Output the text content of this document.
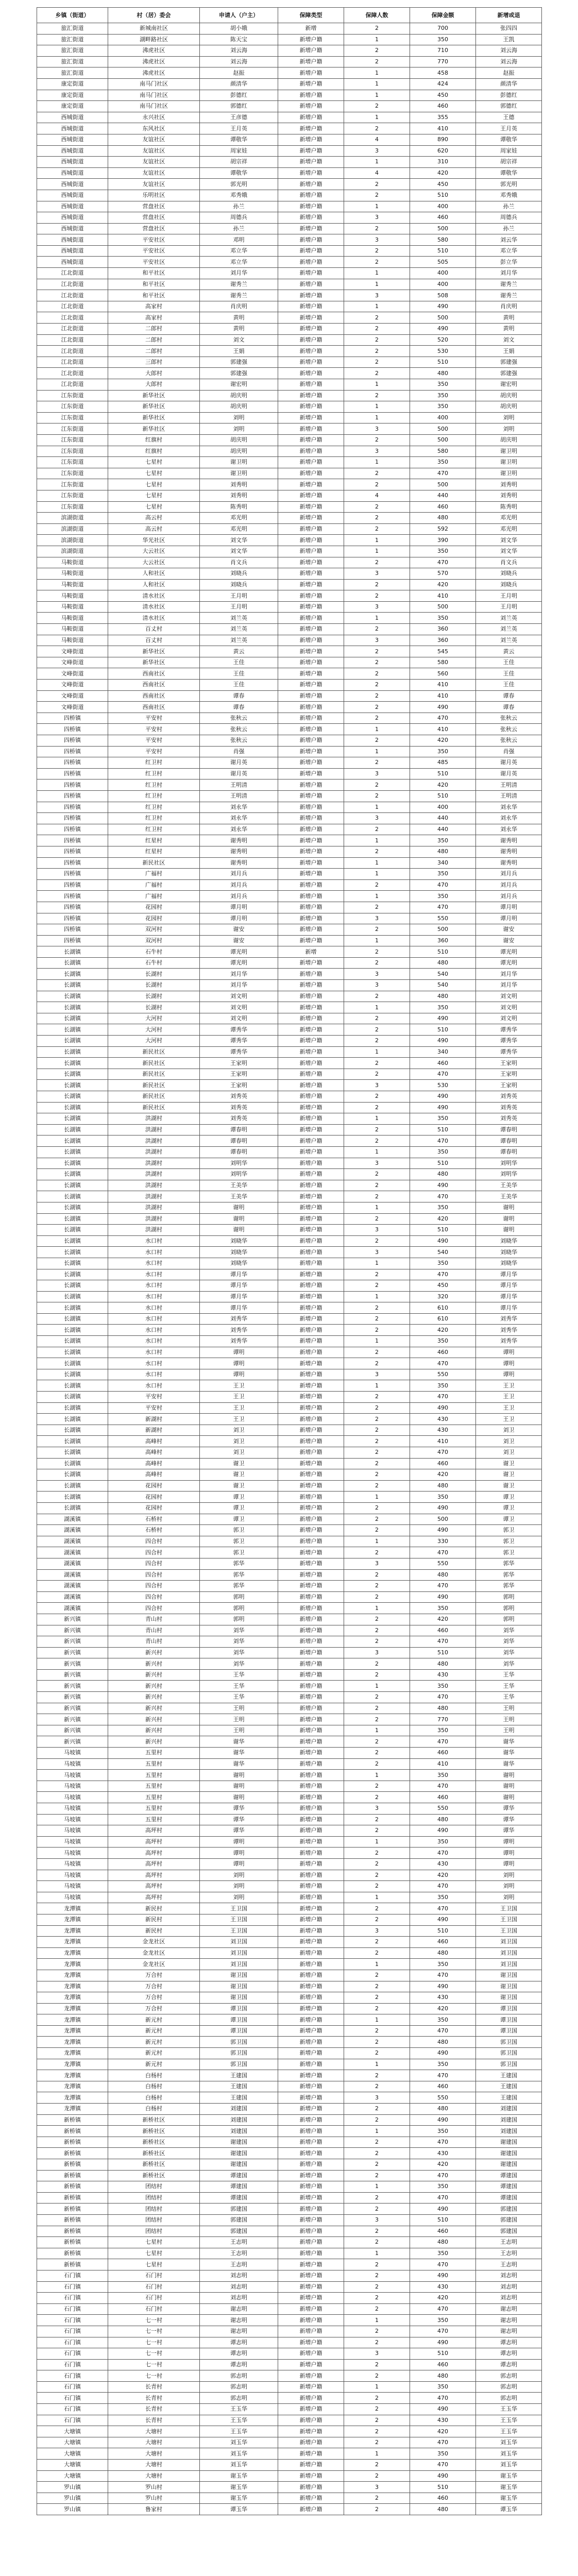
乡镇（街道）	村（居）委会	申请人（户主）	保障类型	保障人数	保障金额	新增或退
旅汇街道	新城南社区	胡小娥	新增	2	700	张四四
旅汇街道	湖畔路社区	陈天宝	新增户籍	1	350	王凯
旅汇街道	沸虎社区	刘云海	新增户籍	2	710	刘云海
旅汇街道	沸虎社区	刘云海	新增户籍	2	770	刘云海
旅汇街道	沸虎社区	赵振	新增户籍	1	458	赵振
康定街道	南马门社区	颜清华	新增户籍	1	424	颜清华
康定街道	南马门社区	彭德红	新增户籍	1	450	彭德红
康定街道	南马门社区	郭德红	新增户籍	2	460	郭德红
西城街道	永兴社区	王彦德	新增户籍	1	355	王德
西城街道	东风社区	王月英	新增户籍	2	410	王月英
西城街道	友谊社区	谭敬华	新增户籍	4	890	谭敬华
西城街道	友谊社区	周家娃	新增户籍	3	620	周家娃
西城街道	友谊社区	胡宗祥	新增户籍	1	310	胡宗祥
西城街道	友谊社区	谭敬华	新增户籍	4	420	谭敬华
西城街道	友谊社区	郭光明	新增户籍	2	450	郭光明
西城街道	乐明社区	邓秀娥	新增户籍	2	510	邓秀娥
西城街道	营盘社区	孙兰	新增户籍	1	400	孙兰
西城街道	营盘社区	周德兵	新增户籍	3	460	周德兵
西城街道	营盘社区	孙兰	新增户籍	2	500	孙兰
西城街道	平安社区	邓明	新增户籍	3	580	刘云华
西城街道	平安社区	邓立华	新增户籍	2	510	邓立华
西城街道	平安社区	邓立华	新增户籍	2	505	彭立华
江北街道	和平社区	刘月华	新增户籍	1	400	刘月华
江北街道	和平社区	谢秀兰	新增户籍	1	400	谢秀兰
江北街道	和平社区	谢秀兰	新增户籍	3	508	谢秀兰
江北街道	高家村	肖庆明	新增户籍	1	490	肖庆明
江北街道	高家村	黄明	新增户籍	2	500	黄明
江北街道	二郎村	黄明	新增户籍	2	490	黄明
江北街道	二郎村	刘文	新增户籍	2	520	刘文
江北街道	二郎村	王娟	新增户籍	2	530	王娟
江北街道	三郎村	郭建强	新增户籍	2	510	郭建强
江北街道	大郎村	郭建强	新增户籍	2	480	郭建强
江北街道	大郎村	谢宏明	新增户籍	1	350	谢宏明
江东街道	新华社区	胡庆明	新增户籍	2	350	胡庆明
江东街道	新华社区	胡庆明	新增户籍	1	350	胡庆明
江东街道	新华社区	刘明	新增户籍	1	400	刘明
江东街道	新华社区	刘明	新增户籍	3	500	刘明
江东街道	红旗村	胡庆明	新增户籍	2	500	胡庆明
江东街道	红旗村	胡庆明	新增户籍	3	580	谢卫明
江东街道	七星村	谢卫明	新增户籍	1	350	谢卫明
江东街道	七星村	谢卫明	新增户籍	2	470	谢卫明
江东街道	七星村	刘秀明	新增户籍	2	500	刘秀明
江东街道	七星村	刘秀明	新增户籍	4	440	刘秀明
江东街道	七星村	陈秀明	新增户籍	2	460	陈秀明
滨湖街道	高云村	邓光明	新增户籍	2	480	邓光明
滨湖街道	高云村	邓光明	新增户籍	2	592	邓光明
滨湖街道	华光社区	刘文华	新增户籍	1	390	刘文华
滨湖街道	大云社区	刘文华	新增户籍	1	350	刘文华
马鞍街道	大云社区	肖文兵	新增户籍	2	470	肖文兵
马鞍街道	人和社区	刘晓兵	新增户籍	3	570	刘晓兵
马鞍街道	人和社区	刘晓兵	新增户籍	2	420	刘晓兵
马鞍街道	清水社区	王月明	新增户籍	2	410	王月明
马鞍街道	清水社区	王月明	新增户籍	3	500	王月明
马鞍街道	清水社区	刘兰英	新增户籍	1	350	刘兰英
马鞍街道	百丈村	刘兰英	新增户籍	2	360	刘兰英
马鞍街道	百丈村	刘兰英	新增户籍	3	360	刘兰英
文峰街道	新华社区	黄云	新增户籍	2	545	黄云
文峰街道	新华社区	王佳	新增户籍	2	580	王佳
文峰街道	西南社区	王佳	新增户籍	2	560	王佳
文峰街道	西南社区	王佳	新增户籍	2	410	王佳
文峰街道	西南社区	谭春	新增户籍	2	410	谭春
文峰街道	西南社区	谭春	新增户籍	2	490	谭春
四桥镇	平安村	张秋云	新增户籍	2	470	张秋云
四桥镇	平安村	张秋云	新增户籍	1	410	张秋云
四桥镇	平安村	张秋云	新增户籍	2	420	张秋云
四桥镇	平安村	肖强	新增户籍	1	350	肖强
四桥镇	红卫村	谢月英	新增户籍	2	485	谢月英
四桥镇	红卫村	谢月英	新增户籍	3	510	谢月英
四桥镇	红卫村	王明清	新增户籍	2	420	王明清
四桥镇	红卫村	王明清	新增户籍	2	510	王明清
四桥镇	红卫村	刘永华	新增户籍	1	400	刘永华
四桥镇	红卫村	刘永华	新增户籍	3	440	刘永华
四桥镇	红卫村	刘永华	新增户籍	2	440	刘永华
四桥镇	红星村	谢秀明	新增户籍	1	350	谢秀明
四桥镇	红星村	谢秀明	新增户籍	2	480	谢秀明
四桥镇	新民社区	谢秀明	新增户籍	1	340	谢秀明
四桥镇	广福村	刘月兵	新增户籍	1	350	刘月兵
四桥镇	广福村	刘月兵	新增户籍	2	470	刘月兵
四桥镇	广福村	刘月兵	新增户籍	1	350	刘月兵
四桥镇	花园村	谭月明	新增户籍	2	470	谭月明
四桥镇	花园村	谭月明	新增户籍	3	550	谭月明
四桥镇	双河村	谢安	新增户籍	2	500	谢安
四桥镇	双河村	谢安	新增户籍	1	360	谢安
长湖镇	石牛村	谭光明	新增	2	510	谭光明
长湖镇	石牛村	谭光明	新增户籍	2	480	谭光明
长湖镇	长湖村	刘月华	新增户籍	3	540	刘月华
长湖镇	长湖村	刘月华	新增户籍	3	540	刘月华
长湖镇	长湖村	刘文明	新增户籍	2	480	刘文明
长湖镇	长湖村	刘文明	新增户籍	1	350	刘文明
长湖镇	大河村	刘文明	新增户籍	2	490	刘文明
长湖镇	大河村	谭秀华	新增户籍	2	510	谭秀华
长湖镇	大河村	谭秀华	新增户籍	2	490	谭秀华
长湖镇	新民社区	谭秀华	新增户籍	1	340	谭秀华
长湖镇	新民社区	王家明	新增户籍	2	460	王家明
长湖镇	新民社区	王家明	新增户籍	2	470	王家明
长湖镇	新民社区	王家明	新增户籍	3	530	王家明
长湖镇	新民社区	刘秀英	新增户籍	2	490	刘秀英
长湖镇	新民社区	刘秀英	新增户籍	2	490	刘秀英
长湖镇	洪湖村	刘秀英	新增户籍	1	350	刘秀英
长湖镇	洪湖村	谭春明	新增户籍	2	510	谭春明
长湖镇	洪湖村	谭春明	新增户籍	2	470	谭春明
长湖镇	洪湖村	谭春明	新增户籍	1	350	谭春明
长湖镇	洪湖村	刘明华	新增户籍	3	510	刘明华
长湖镇	洪湖村	刘明华	新增户籍	2	480	刘明华
长湖镇	洪湖村	王美华	新增户籍	2	490	王美华
长湖镇	洪湖村	王美华	新增户籍	2	470	王美华
长湖镇	洪湖村	谢明	新增户籍	1	350	谢明
长湖镇	洪湖村	谢明	新增户籍	2	420	谢明
长湖镇	洪湖村	谢明	新增户籍	3	510	谢明
长湖镇	水口村	刘晓华	新增户籍	2	490	刘晓华
长湖镇	水口村	刘晓华	新增户籍	3	540	刘晓华
长湖镇	水口村	刘晓华	新增户籍	1	350	刘晓华
长湖镇	水口村	谭月华	新增户籍	2	470	谭月华
长湖镇	水口村	谭月华	新增户籍	2	450	谭月华
长湖镇	水口村	谭月华	新增户籍	1	320	谭月华
长湖镇	水口村	谭月华	新增户籍	2	610	谭月华
长湖镇	水口村	刘秀华	新增户籍	2	610	刘秀华
长湖镇	水口村	刘秀华	新增户籍	2	420	刘秀华
长湖镇	水口村	刘秀华	新增户籍	1	350	刘秀华
长湖镇	水口村	谭明	新增户籍	2	460	谭明
长湖镇	水口村	谭明	新增户籍	2	470	谭明
长湖镇	水口村	谭明	新增户籍	3	550	谭明
长湖镇	水口村	王卫	新增户籍	1	350	王卫
长湖镇	平安村	王卫	新增户籍	2	470	王卫
长湖镇	平安村	王卫	新增户籍	2	490	王卫
长湖镇	新湖村	王卫	新增户籍	2	430	王卫
长湖镇	新湖村	刘卫	新增户籍	2	430	刘卫
长湖镇	高峰村	刘卫	新增户籍	2	410	刘卫
长湖镇	高峰村	刘卫	新增户籍	2	470	刘卫
长湖镇	高峰村	谢卫	新增户籍	2	460	谢卫
长湖镇	高峰村	谢卫	新增户籍	2	420	谢卫
长湖镇	花园村	谢卫	新增户籍	2	480	谢卫
长湖镇	花园村	谭卫	新增户籍	1	350	谭卫
长湖镇	花园村	谭卫	新增户籍	2	490	谭卫
湖溪镇	石桥村	谭卫	新增户籍	2	500	谭卫
湖溪镇	石桥村	郭卫	新增户籍	2	490	郭卫
湖溪镇	四合村	郭卫	新增户籍	1	330	郭卫
湖溪镇	四合村	郭卫	新增户籍	2	470	郭卫
湖溪镇	四合村	郭华	新增户籍	3	550	郭华
湖溪镇	四合村	郭华	新增户籍	2	480	郭华
湖溪镇	四合村	郭华	新增户籍	2	470	郭华
湖溪镇	四合村	郭明	新增户籍	2	490	郭明
湖溪镇	四合村	郭明	新增户籍	1	350	郭明
新兴镇	青山村	郭明	新增户籍	2	420	郭明
新兴镇	青山村	刘华	新增户籍	2	460	刘华
新兴镇	青山村	刘华	新增户籍	2	470	刘华
新兴镇	新兴村	刘华	新增户籍	3	510	刘华
新兴镇	新兴村	刘华	新增户籍	2	480	刘华
新兴镇	新兴村	王华	新增户籍	2	430	王华
新兴镇	新兴村	王华	新增户籍	1	350	王华
新兴镇	新兴村	王华	新增户籍	2	470	王华
新兴镇	新兴村	王明	新增户籍	2	480	王明
新兴镇	新兴村	王明	新增户籍	2	770	王明
新兴镇	新兴村	王明	新增户籍	1	350	王明
新兴镇	新兴村	谢华	新增户籍	2	470	谢华
马坡镇	五里村	谢华	新增户籍	2	460	谢华
马坡镇	五里村	谢华	新增户籍	2	410	谢华
马坡镇	五里村	谢明	新增户籍	1	350	谢明
马坡镇	五里村	谢明	新增户籍	2	470	谢明
马坡镇	五里村	谢明	新增户籍	2	460	谢明
马坡镇	五里村	谭华	新增户籍	3	550	谭华
马坡镇	五里村	谭华	新增户籍	2	480	谭华
马坡镇	高坪村	谭华	新增户籍	2	490	谭华
马坡镇	高坪村	谭明	新增户籍	1	350	谭明
马坡镇	高坪村	谭明	新增户籍	2	470	谭明
马坡镇	高坪村	谭明	新增户籍	2	430	谭明
马坡镇	高坪村	刘明	新增户籍	2	420	刘明
马坡镇	高坪村	刘明	新增户籍	2	470	刘明
马坡镇	高坪村	刘明	新增户籍	1	350	刘明
龙潭镇	新民村	王卫国	新增户籍	2	470	王卫国
龙潭镇	新民村	王卫国	新增户籍	2	490	王卫国
龙潭镇	新民村	王卫国	新增户籍	3	510	王卫国
龙潭镇	金龙社区	刘卫国	新增户籍	2	460	刘卫国
龙潭镇	金龙社区	刘卫国	新增户籍	2	480	刘卫国
龙潭镇	金龙社区	刘卫国	新增户籍	1	350	刘卫国
龙潭镇	万合村	谢卫国	新增户籍	2	470	谢卫国
龙潭镇	万合村	谢卫国	新增户籍	2	490	谢卫国
龙潭镇	万合村	谢卫国	新增户籍	2	430	谢卫国
龙潭镇	万合村	谭卫国	新增户籍	2	420	谭卫国
龙潭镇	新元村	谭卫国	新增户籍	1	350	谭卫国
龙潭镇	新元村	谭卫国	新增户籍	2	470	谭卫国
龙潭镇	新元村	郭卫国	新增户籍	2	480	郭卫国
龙潭镇	新元村	郭卫国	新增户籍	2	490	郭卫国
龙潭镇	新元村	郭卫国	新增户籍	1	350	郭卫国
龙潭镇	白杨村	王建国	新增户籍	2	470	王建国
龙潭镇	白杨村	王建国	新增户籍	2	460	王建国
龙潭镇	白杨村	王建国	新增户籍	3	550	王建国
龙潭镇	白杨村	刘建国	新增户籍	2	480	刘建国
新桥镇	新桥社区	刘建国	新增户籍	2	490	刘建国
新桥镇	新桥社区	刘建国	新增户籍	1	350	刘建国
新桥镇	新桥社区	谢建国	新增户籍	2	470	谢建国
新桥镇	新桥社区	谢建国	新增户籍	2	430	谢建国
新桥镇	新桥社区	谢建国	新增户籍	2	420	谢建国
新桥镇	新桥社区	谭建国	新增户籍	2	470	谭建国
新桥镇	团结村	谭建国	新增户籍	1	350	谭建国
新桥镇	团结村	谭建国	新增户籍	2	470	谭建国
新桥镇	团结村	郭建国	新增户籍	2	490	郭建国
新桥镇	团结村	郭建国	新增户籍	3	510	郭建国
新桥镇	团结村	郭建国	新增户籍	2	460	郭建国
新桥镇	七星村	王志明	新增户籍	2	480	王志明
新桥镇	七星村	王志明	新增户籍	1	350	王志明
新桥镇	七星村	王志明	新增户籍	2	470	王志明
石门镇	石门村	刘志明	新增户籍	2	490	刘志明
石门镇	石门村	刘志明	新增户籍	2	430	刘志明
石门镇	石门村	刘志明	新增户籍	2	420	刘志明
石门镇	石门村	谢志明	新增户籍	2	470	谢志明
石门镇	七一村	谢志明	新增户籍	1	350	谢志明
石门镇	七一村	谢志明	新增户籍	2	470	谢志明
石门镇	七一村	谭志明	新增户籍	2	490	谭志明
石门镇	七一村	谭志明	新增户籍	3	510	谭志明
石门镇	七一村	谭志明	新增户籍	2	460	谭志明
石门镇	七一村	郭志明	新增户籍	2	480	郭志明
石门镇	长青村	郭志明	新增户籍	1	350	郭志明
石门镇	长青村	郭志明	新增户籍	2	470	郭志明
石门镇	长青村	王玉华	新增户籍	2	490	王玉华
石门镇	长青村	王玉华	新增户籍	2	430	王玉华
大塘镇	大塘村	王玉华	新增户籍	2	420	王玉华
大塘镇	大塘村	刘玉华	新增户籍	2	470	刘玉华
大塘镇	大塘村	刘玉华	新增户籍	1	350	刘玉华
大塘镇	大塘村	刘玉华	新增户籍	2	470	刘玉华
大塘镇	大塘村	谢玉华	新增户籍	2	490	谢玉华
罗山镇	罗山村	谢玉华	新增户籍	3	510	谢玉华
罗山镇	罗山村	谢玉华	新增户籍	2	460	谢玉华
罗山镇	鲁家村	谭玉华	新增户籍	2	480	谭玉华
